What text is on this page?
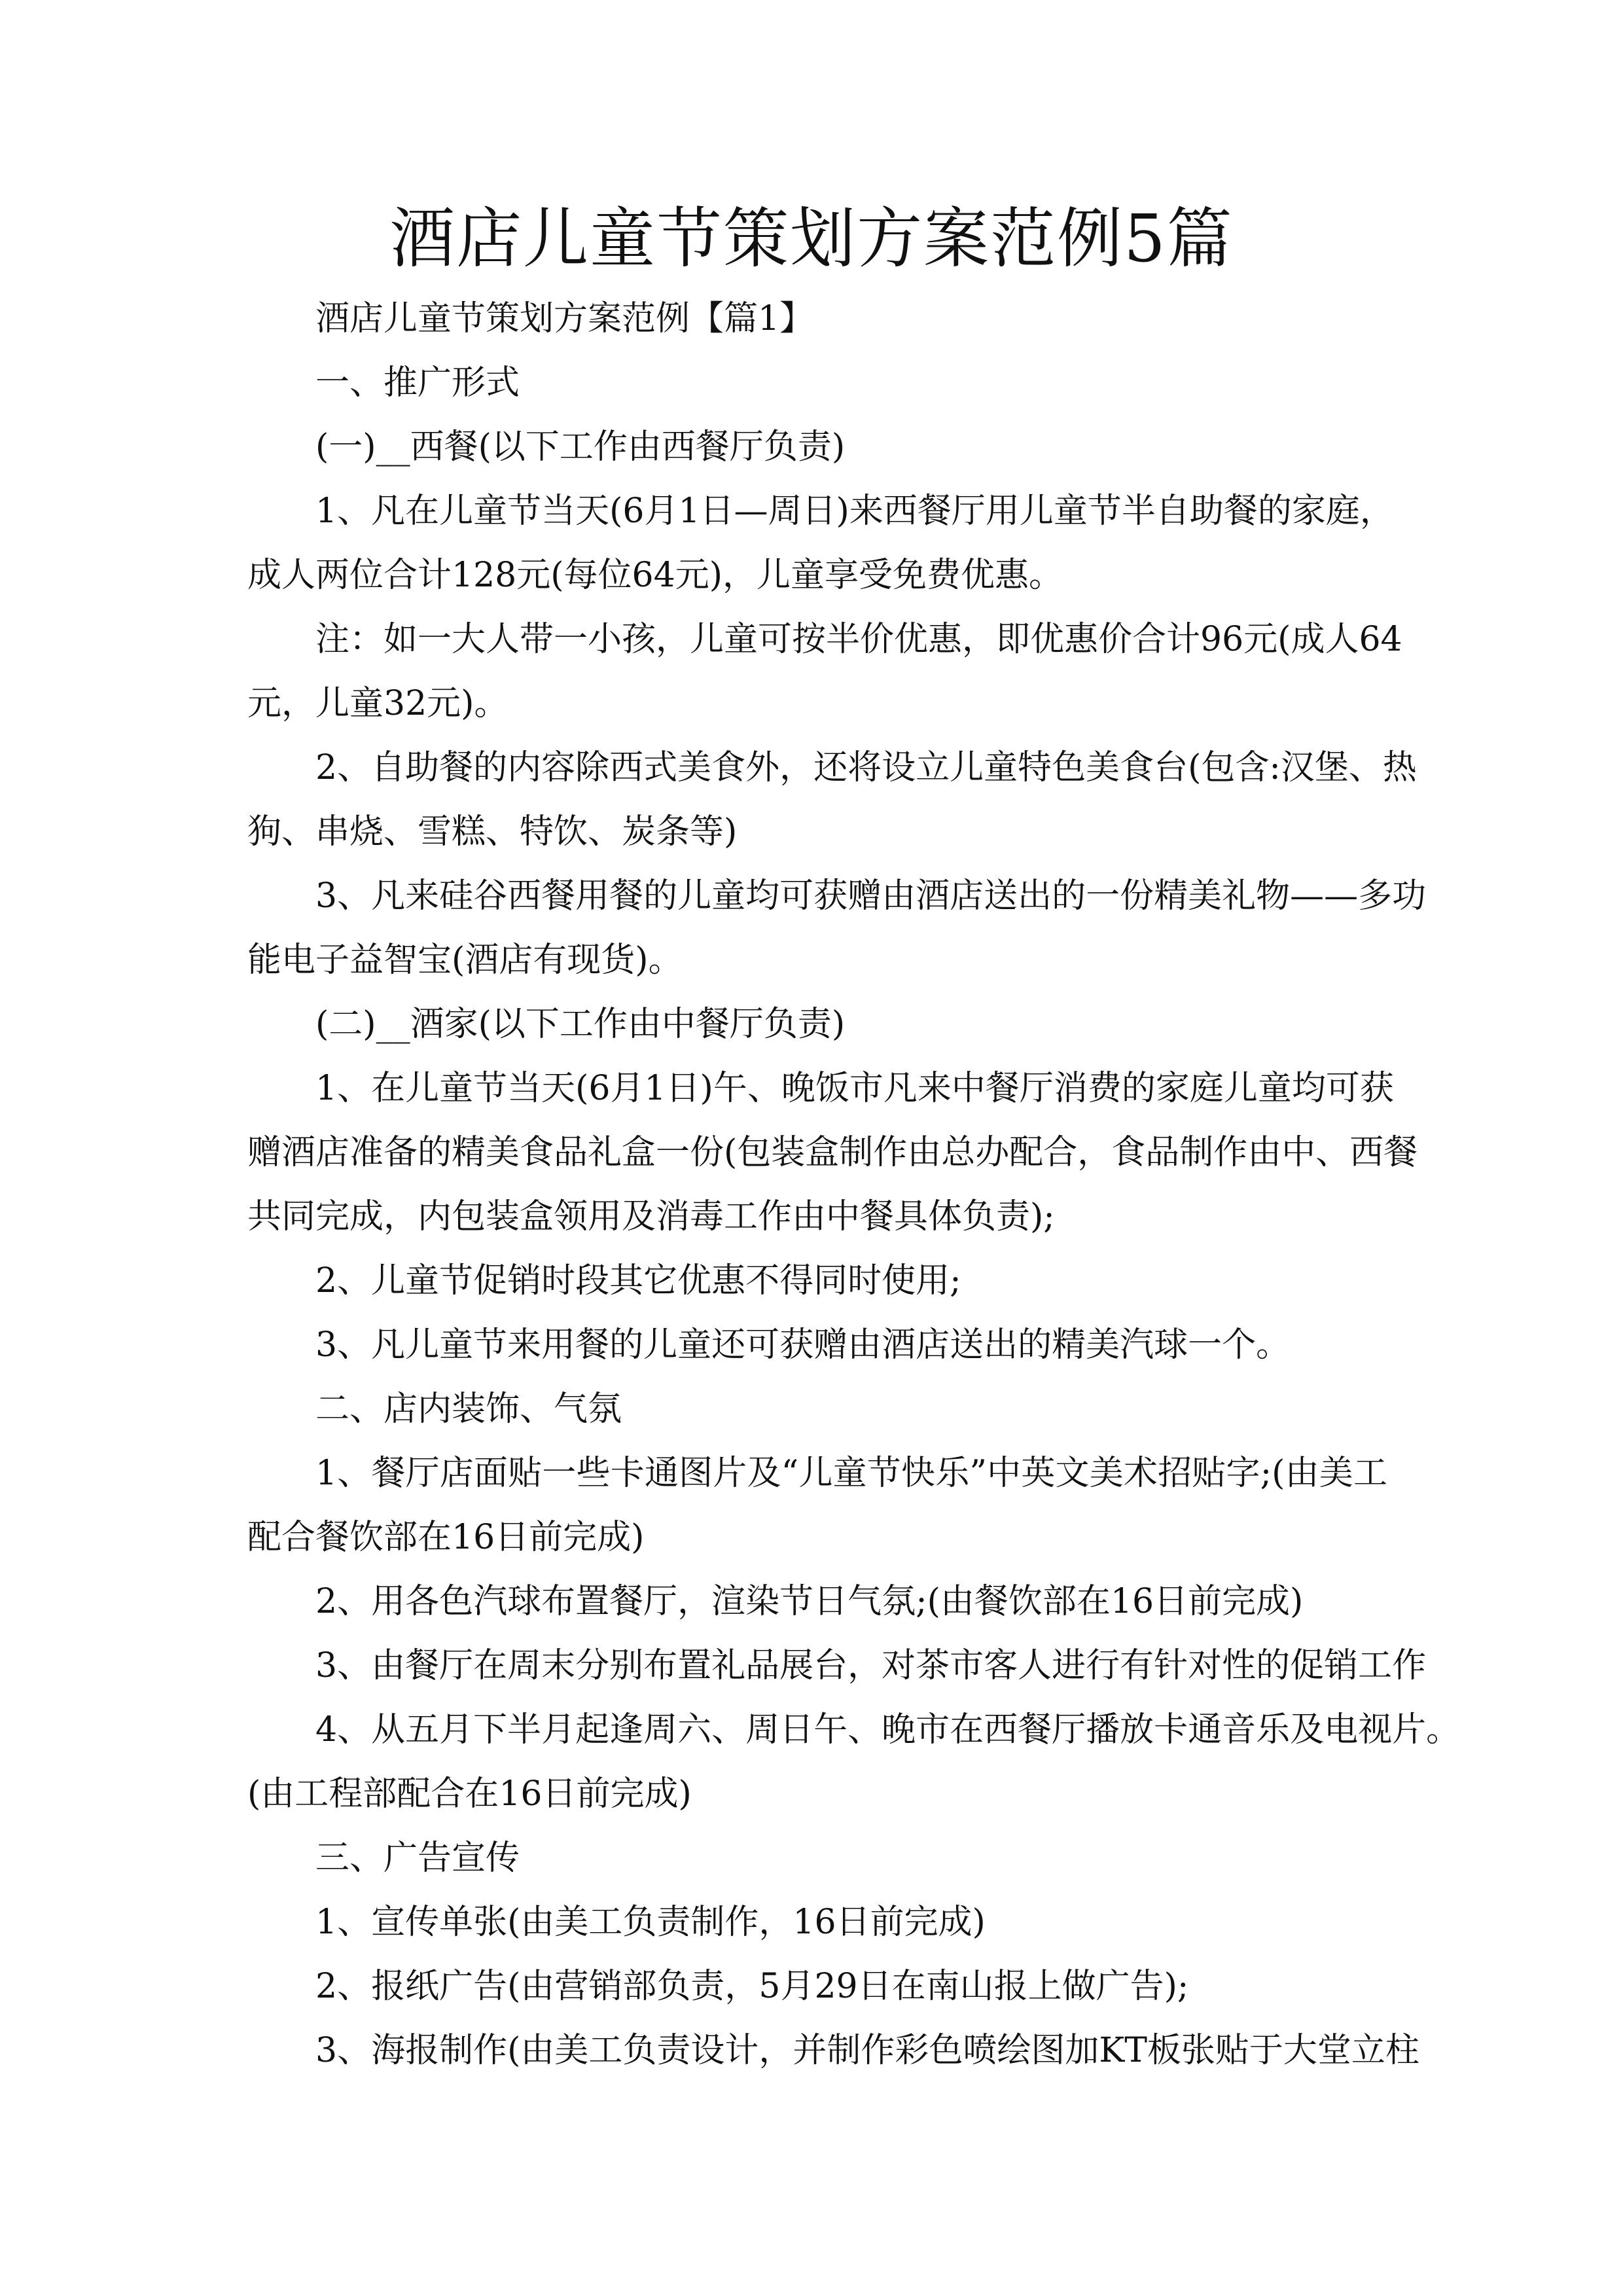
酒店儿童节策划方案范例5篇
酒店儿童节策划方案范例【篇1】
一、推广形式
(一)__西餐(以下工作由西餐厅负责)
1、凡在儿童节当天(6月1日—周日)来西餐厅用儿童节半自助餐的家庭，
成人两位合计128元(每位64元)，儿童享受免费优惠。
注：如一大人带一小孩，儿童可按半价优惠，即优惠价合计96元(成人64
元，儿童32元)。
2、自助餐的内容除西式美食外，还将设立儿童特色美食台(包含:汉堡、热
狗、串烧、雪糕、特饮、炭条等)
3、凡来硅谷西餐用餐的儿童均可获赠由酒店送出的一份精美礼物——多功
能电子益智宝(酒店有现货)。
(二)__酒家(以下工作由中餐厅负责)
1、在儿童节当天(6月1日)午、晚饭市凡来中餐厅消费的家庭儿童均可获
赠酒店准备的精美食品礼盒一份(包装盒制作由总办配合，食品制作由中、西餐
共同完成，内包装盒领用及消毒工作由中餐具体负责);
2、儿童节促销时段其它优惠不得同时使用;
3、凡儿童节来用餐的儿童还可获赠由酒店送出的精美汽球一个。
二、店内装饰、气氛
1、餐厅店面贴一些卡通图片及“儿童节快乐”中英文美术招贴字;(由美工
配合餐饮部在16日前完成)
2、用各色汽球布置餐厅，渲染节日气氛;(由餐饮部在16日前完成)
3、由餐厅在周末分别布置礼品展台，对茶市客人进行有针对性的促销工作
4、从五月下半月起逢周六、周日午、晚市在西餐厅播放卡通音乐及电视片。
(由工程部配合在16日前完成)
三、广告宣传
1、宣传单张(由美工负责制作，16日前完成)
2、报纸广告(由营销部负责，5月29日在南山报上做广告);
3、海报制作(由美工负责设计，并制作彩色喷绘图加KT板张贴于大堂立柱
